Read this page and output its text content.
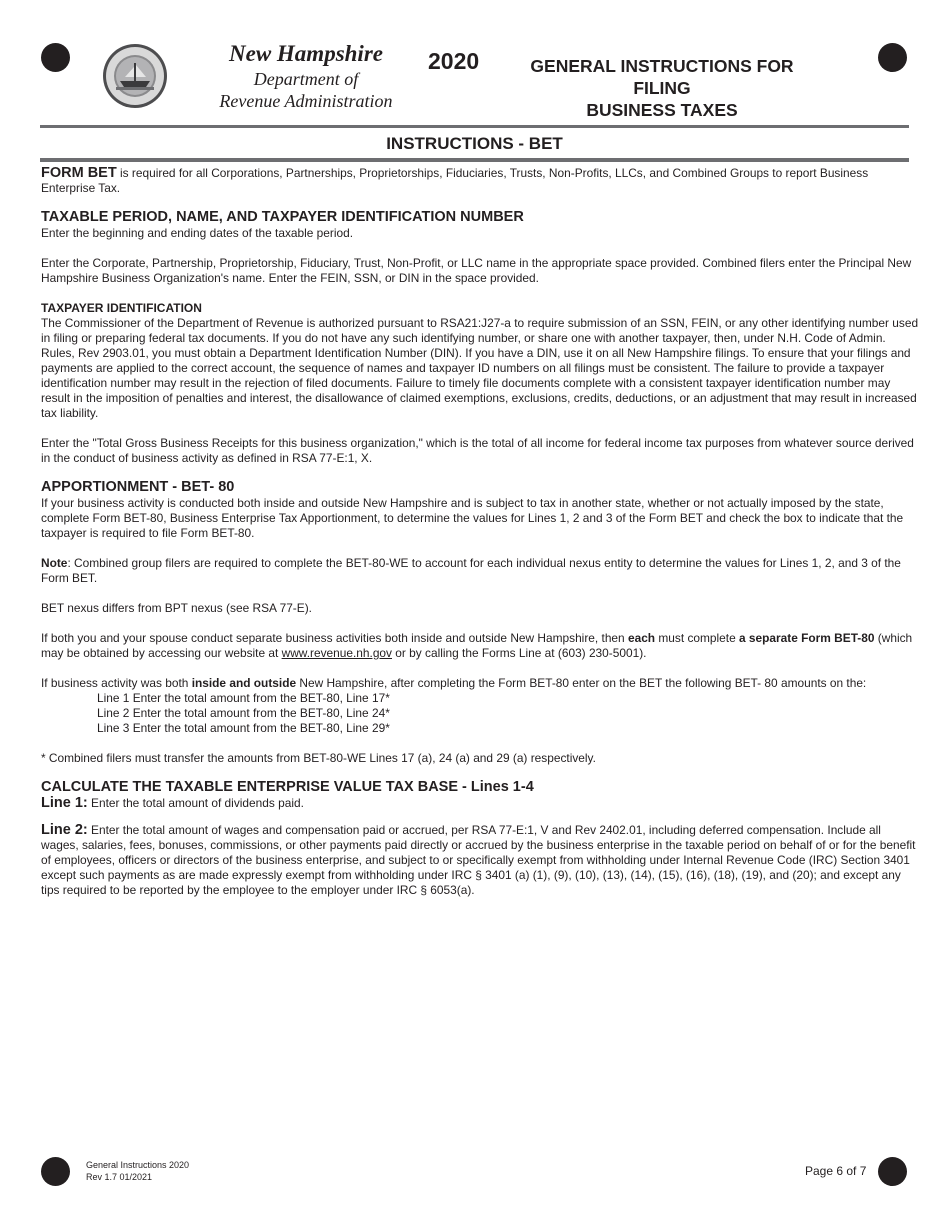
New Hampshire
Department of
Revenue Administration
2020	GENERAL INSTRUCTIONS FOR FILING
BUSINESS TAXES
INSTRUCTIONS - BET

FORM BET is required for all Corporations, Partnerships, Proprietorships, Fiduciaries, Trusts, Non-Profits, LLCs, and Combined Groups to report Business Enterprise Tax.

TAXABLE PERIOD, NAME, AND TAXPAYER IDENTIFICATION NUMBER

Enter the beginning and ending dates of the taxable period.

Enter the Corporate, Partnership, Proprietorship, Fiduciary, Trust, Non-Profit, or LLC name in the appropriate space provided. Combined filers enter the Principal New Hampshire Business Organization's name. Enter the FEIN, SSN, or DIN in the space provided.

TAXPAYER IDENTIFICATION

The Commissioner of the Department of Revenue is authorized pursuant to RSA21:J27-a to require submission of an SSN, FEIN, or any other identifying number used in filing or preparing federal tax documents. If you do not have any such identifying number, or share one with another taxpayer, then, under N.H. Code of Admin. Rules, Rev 2903.01, you must obtain a Department Identification Number (DIN). If you have a DIN, use it on all New Hampshire filings. To ensure that your filings and payments are applied to the correct account, the sequence of names and taxpayer ID numbers on all filings must be consistent. The failure to provide a taxpayer identification number may result in the rejection of filed documents. Failure to timely file documents complete with a consistent taxpayer identification number may result in the imposition of penalties and interest, the disallowance of claimed exemptions, exclusions, credits, deductions, or an adjustment that may result in increased tax liability.

Enter the "Total Gross Business Receipts for this business organization," which is the total of all income for federal income tax purposes from whatever source derived in the conduct of business activity as defined in RSA 77-E:1, X.

APPORTIONMENT - BET- 80

If your business activity is conducted both inside and outside New Hampshire and is subject to tax in another state, whether or not actually imposed by the state, complete Form BET-80, Business Enterprise Tax Apportionment, to determine the values for Lines 1, 2 and 3 of the Form BET and check the box to indicate that the taxpayer is required to file Form BET-80.

Note: Combined group filers are required to complete the BET-80-WE to account for each individual nexus entity to determine the values for Lines 1, 2, and 3 of the Form BET.

BET nexus differs from BPT nexus (see RSA 77-E).

If both you and your spouse conduct separate business activities both inside and outside New Hampshire, then each must complete a separate Form BET-80 (which may be obtained by accessing our website at www.revenue.nh.gov or by calling the Forms Line at (603) 230-5001).

If business activity was both inside and outside New Hampshire, after completing the Form BET-80 enter on the BET the following BET- 80 amounts on the:

Line 1 Enter the total amount from the BET-80, Line 17*

Line 2 Enter the total amount from the BET-80, Line 24*

Line 3 Enter the total amount from the BET-80, Line 29*

* Combined filers must transfer the amounts from BET-80-WE Lines 17 (a), 24 (a) and 29 (a) respectively.

CALCULATE THE TAXABLE ENTERPRISE VALUE TAX BASE - Lines 1-4

Line 1: Enter the total amount of dividends paid.

Line 2: Enter the total amount of wages and compensation paid or accrued, per RSA 77-E:1, V and Rev 2402.01, including deferred compensation. Include all wages, salaries, fees, bonuses, commissions, or other payments paid directly or accrued by the business enterprise in the taxable period on behalf of or for the benefit of employees, officers or directors of the business enterprise, and subject to or specifically exempt from withholding under Internal Revenue Code (IRC) Section 3401 except such payments as are made expressly exempt from withholding under IRC § 3401 (a) (1), (9), (10), (13), (14), (15), (16), (18), (19), and (20); and except any tips required to be reported by the employee to the employer under IRC § 6053(a).

General Instructions 2020
Rev 1.7 01/2021	Page 6 of 7
